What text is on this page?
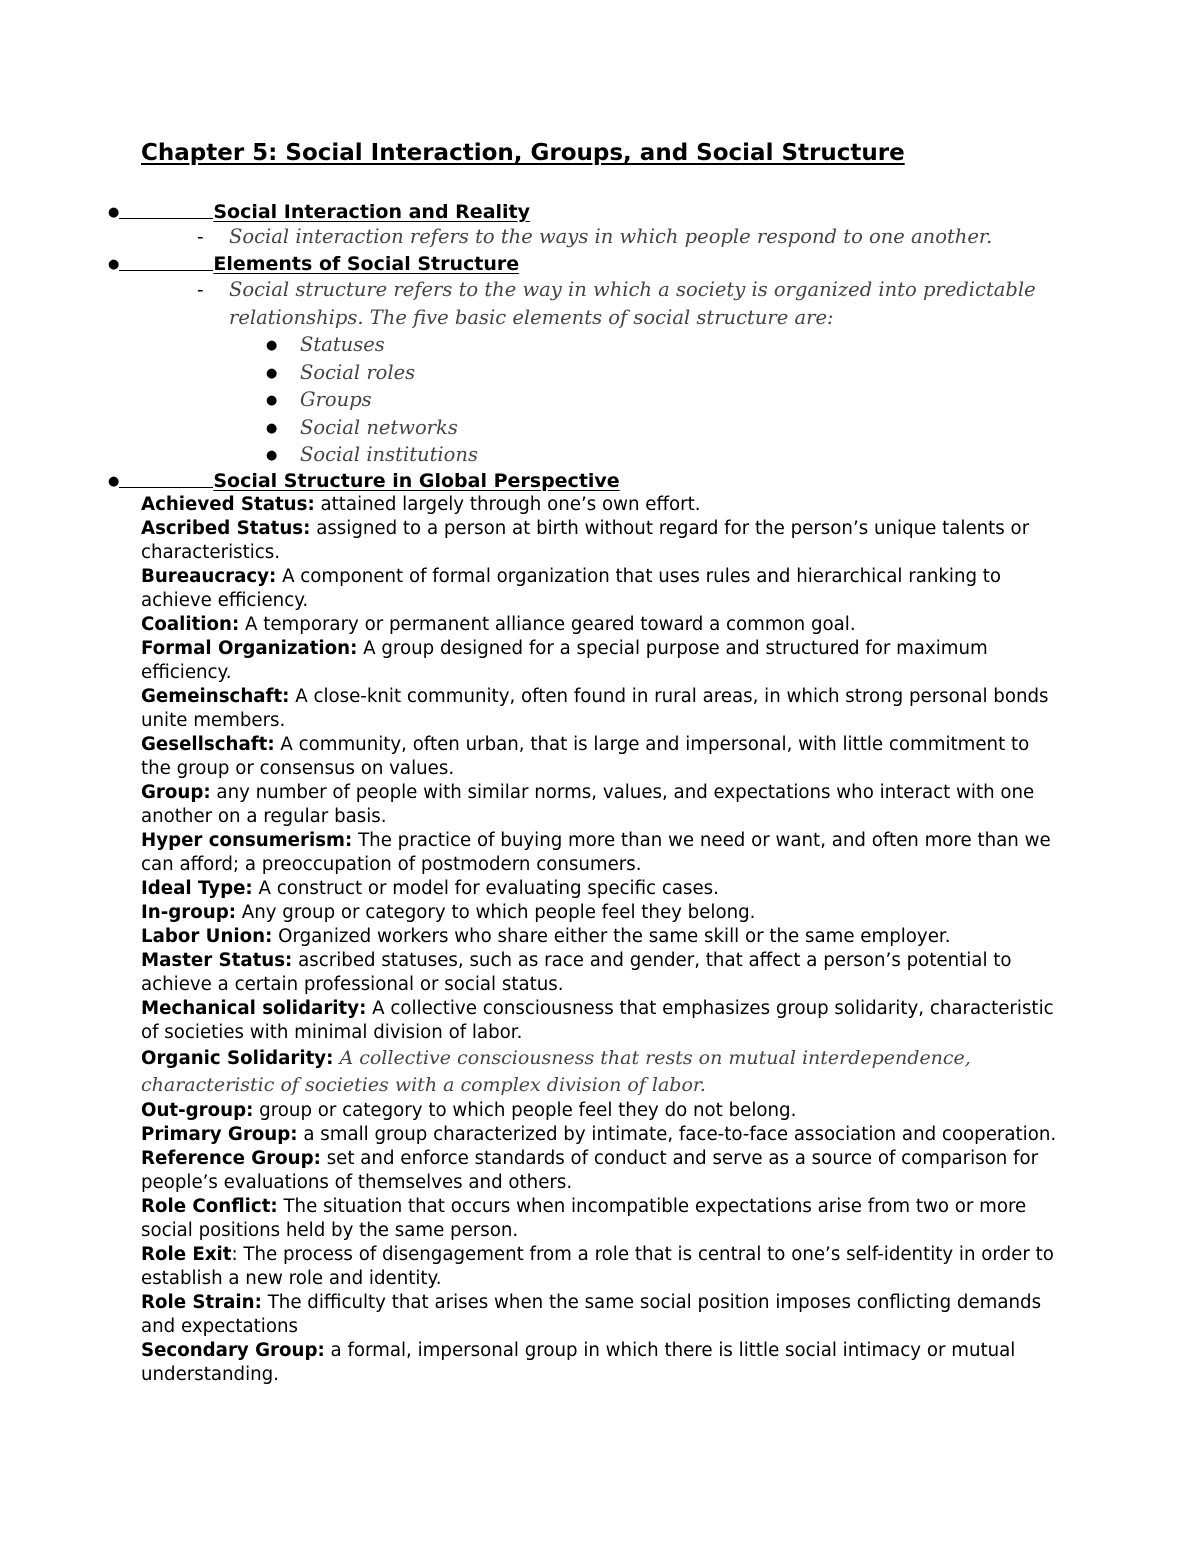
Chapter 5: Social Interaction, Groups, and Social Structure
●	Social Interaction and Reality
- Social interaction refers to the ways in which people respond to one another.
●	Elements of Social Structure
- Social structure refers to the way in which a society is organized into predictable
relationships. The five basic elements of social structure are:
● Statuses
● Social roles
● Groups
● Social networks
● Social institutions
●	Social Structure in Global Perspective

Achieved Status: attained largely through one’s own effort.

Ascribed Status: assigned to a person at birth without regard for the person’s unique talents or characteristics.

Bureaucracy: A component of formal organization that uses rules and hierarchical ranking to achieve efficiency.

Coalition: A temporary or permanent alliance geared toward a common goal.

Formal Organization: A group designed for a special purpose and structured for maximum efficiency.

Gemeinschaft: A close-knit community, often found in rural areas, in which strong personal bonds unite members.

Gesellschaft: A community, often urban, that is large and impersonal, with little commitment to the group or consensus on values.

Group: any number of people with similar norms, values, and expectations who interact with one another on a regular basis.

Hyper consumerism: The practice of buying more than we need or want, and often more than we can afford; a preoccupation of postmodern consumers.

Ideal Type: A construct or model for evaluating specific cases.

In-group: Any group or category to which people feel they belong.

Labor Union: Organized workers who share either the same skill or the same employer.

Master Status: ascribed statuses, such as race and gender, that affect a person’s potential to achieve a certain professional or social status.

Mechanical solidarity: A collective consciousness that emphasizes group solidarity, characteristic of societies with minimal division of labor.

Organic Solidarity: A collective consciousness that rests on mutual interdependence, characteristic of societies with a complex division of labor.

Out-group: group or category to which people feel they do not belong.

Primary Group: a small group characterized by intimate, face-to-face association and cooperation.

Reference Group: set and enforce standards of conduct and serve as a source of comparison for people’s evaluations of themselves and others.

Role Conflict: The situation that occurs when incompatible expectations arise from two or more social positions held by the same person.

Role Exit: The process of disengagement from a role that is central to one’s self-identity in order to establish a new role and identity.

Role Strain: The difficulty that arises when the same social position imposes conflicting demands and expectations

Secondary Group: a formal, impersonal group in which there is little social intimacy or mutual understanding.
